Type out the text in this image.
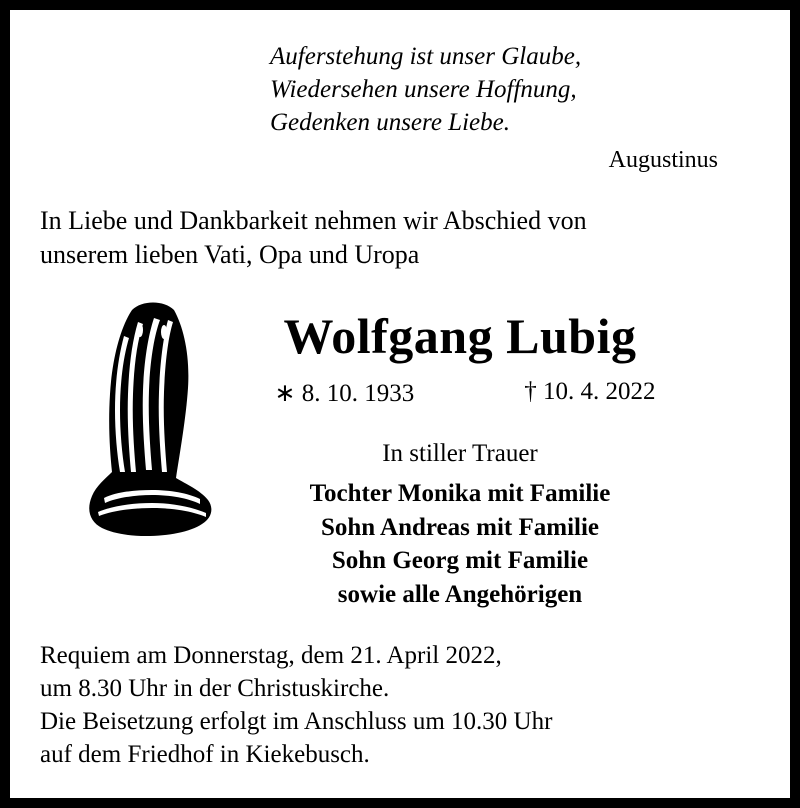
Auferstehung ist unser Glaube,
Wiedersehen unsere Hoffnung,
Gedenken unsere Liebe.
Augustinus
In Liebe und Dankbarkeit nehmen wir Abschied von
unserem lieben Vati, Opa und Uropa
Wolfgang Lubig
∗ 8. 10. 1933	† 10. 4. 2022
In stiller Trauer
Tochter Monika mit Familie
Sohn Andreas mit Familie
Sohn Georg mit Familie
sowie alle Angehörigen
Requiem am Donnerstag, dem 21. April 2022,
um 8.30 Uhr in der Christuskirche.
Die Beisetzung erfolgt im Anschluss um 10.30 Uhr
auf dem Friedhof in Kiekebusch.
